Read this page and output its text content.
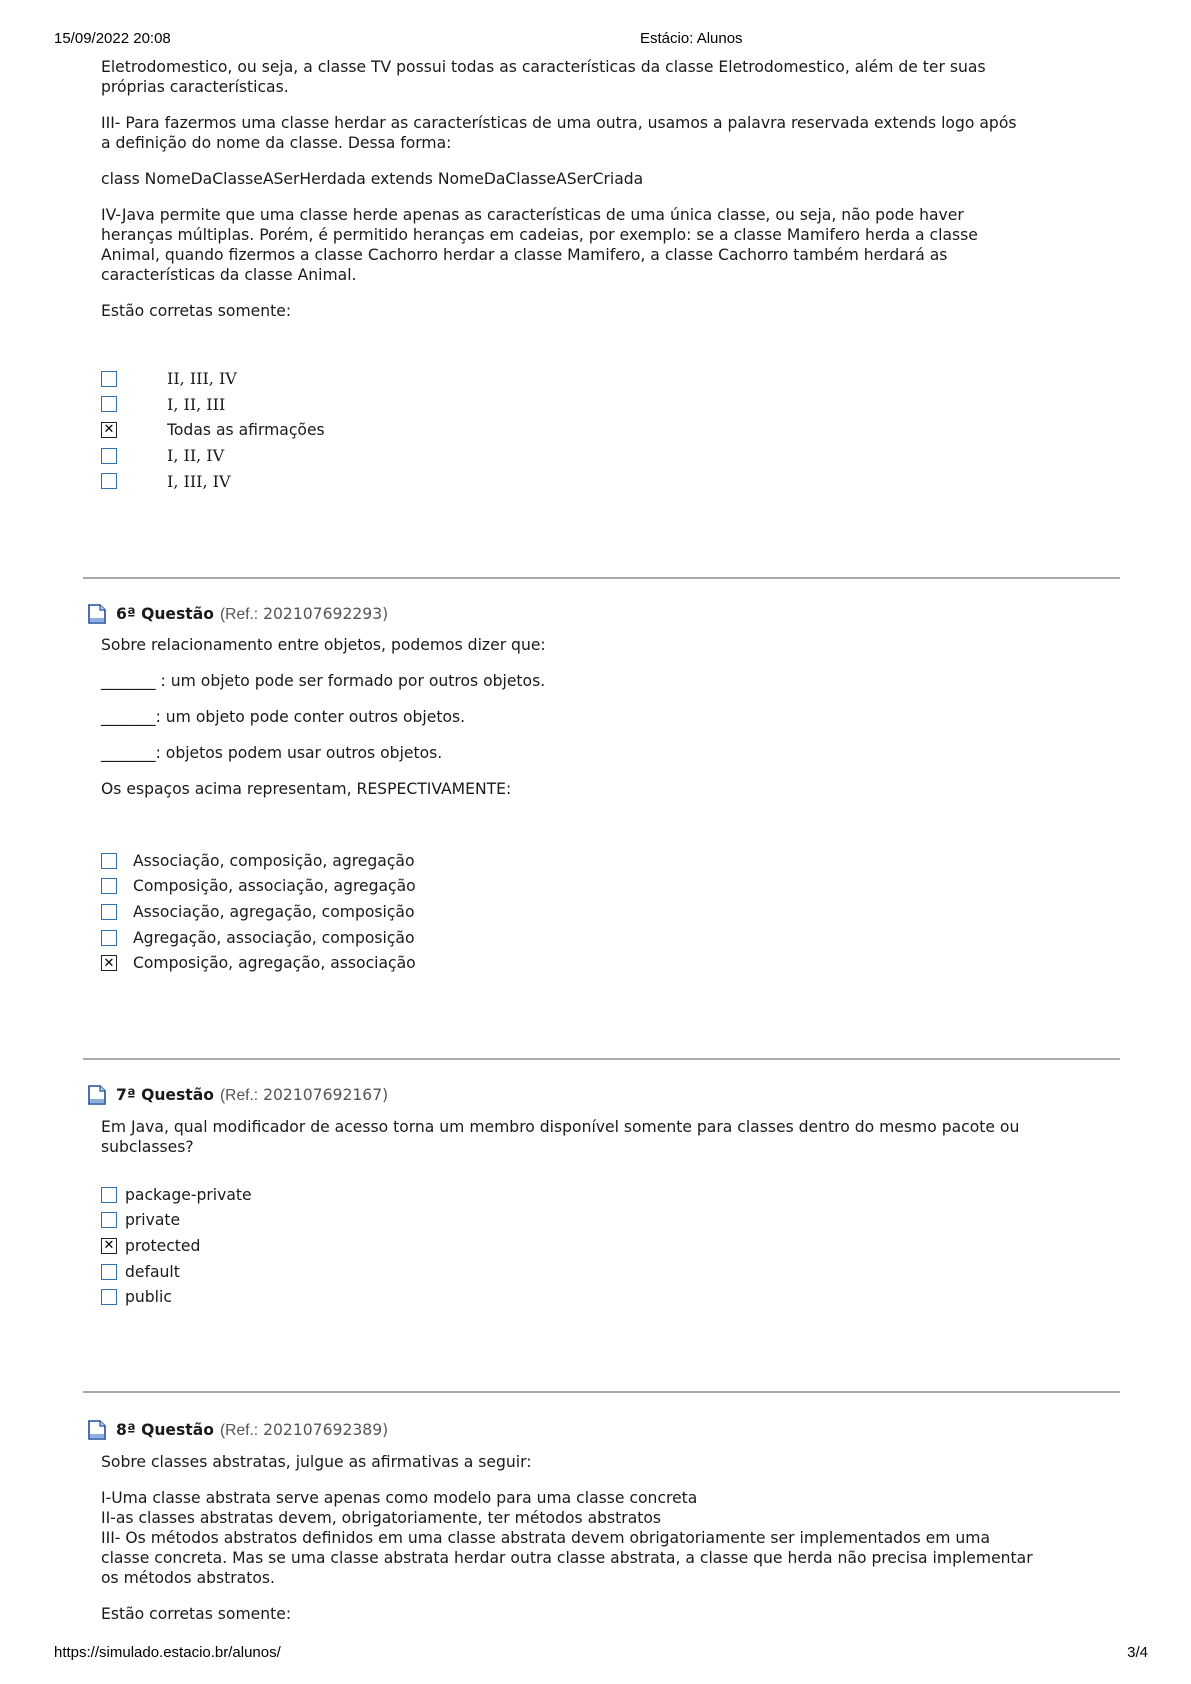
15/09/2022 20:08	Estácio: Alunos

Eletrodomestico, ou seja, a classe TV possui todas as características da classe Eletrodomestico, além de ter suas

próprias características.

III- Para fazermos uma classe herdar as características de uma outra, usamos a palavra reservada extends logo após

a definição do nome da classe. Dessa forma:

class NomeDaClasseASerHerdada extends NomeDaClasseASerCriada

IV-Java permite que uma classe herde apenas as características de uma única classe, ou seja, não pode haver

heranças múltiplas. Porém, é permitido heranças em cadeias, por exemplo: se a classe Mamifero herda a classe

Animal, quando fizermos a classe Cachorro herdar a classe Mamifero, a classe Cachorro também herdará as

características da classe Animal.

Estão corretas somente:

II, III, IV
I, II, III
✕	Todas as afirmações
I, II, IV
I, III, IV
6ª Questão (Ref.: 202107692293)

Sobre relacionamento entre objetos, podemos dizer que:

_______ : um objeto pode ser formado por outros objetos.

_______: um objeto pode conter outros objetos.

_______: objetos podem usar outros objetos.

Os espaços acima representam, RESPECTIVAMENTE:

Associação, composição, agregação
Composição, associação, agregação
Associação, agregação, composição
Agregação, associação, composição
✕ Composição, agregação, associação
7ª Questão (Ref.: 202107692167)

Em Java, qual modificador de acesso torna um membro disponível somente para classes dentro do mesmo pacote ou

subclasses?

package-private
private
✕ protected
default
public
8ª Questão (Ref.: 202107692389)

Sobre classes abstratas, julgue as afirmativas a seguir:

I-Uma classe abstrata serve apenas como modelo para uma classe concreta

II-as classes abstratas devem, obrigatoriamente, ter métodos abstratos

III- Os métodos abstratos definidos em uma classe abstrata devem obrigatoriamente ser implementados em uma

classe concreta. Mas se uma classe abstrata herdar outra classe abstrata, a classe que herda não precisa implementar

os métodos abstratos.

Estão corretas somente:

https://simulado.estacio.br/alunos/	3/4
